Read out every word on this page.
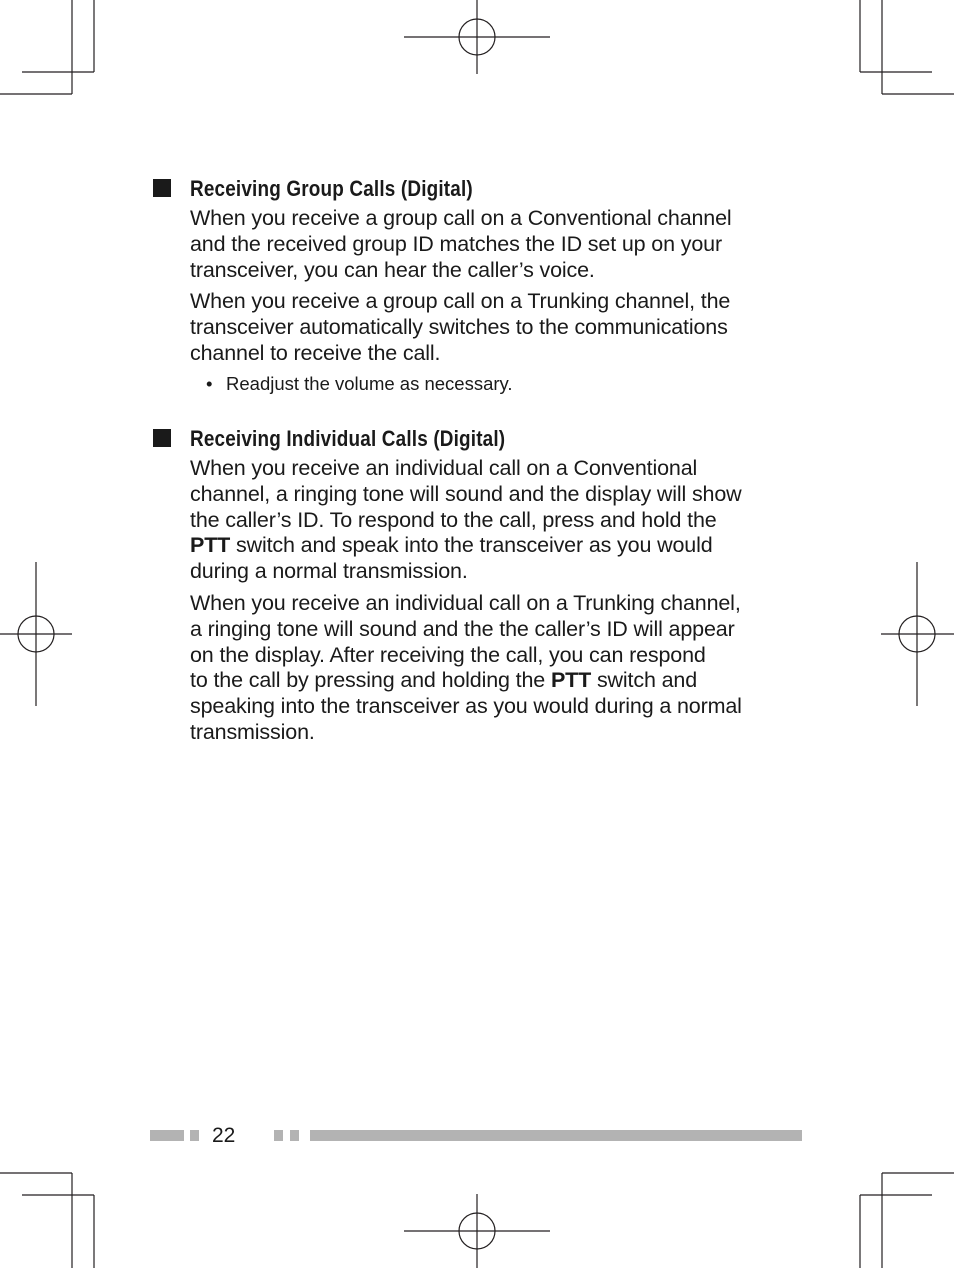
Receiving Group Calls (Digital)

When you receive a group call on a Conventional channel
and the received group ID matches the ID set up on your
transceiver, you can hear the caller’s voice.

When you receive a group call on a Trunking channel, the
transceiver automatically switches to the communications
channel to receive the call.

• Readjust the volume as necessary.
Receiving Individual Calls (Digital)

When you receive an individual call on a Conventional
channel, a ringing tone will sound and the display will show
the caller’s ID. To respond to the call, press and hold the
PTT switch and speak into the transceiver as you would
during a normal transmission.

When you receive an individual call on a Trunking channel,
a ringing tone will sound and the the caller’s ID will appear
on the display. After receiving the call, you can respond
to the call by pressing and holding the PTT switch and
speaking into the transceiver as you would during a normal
transmission.

22
